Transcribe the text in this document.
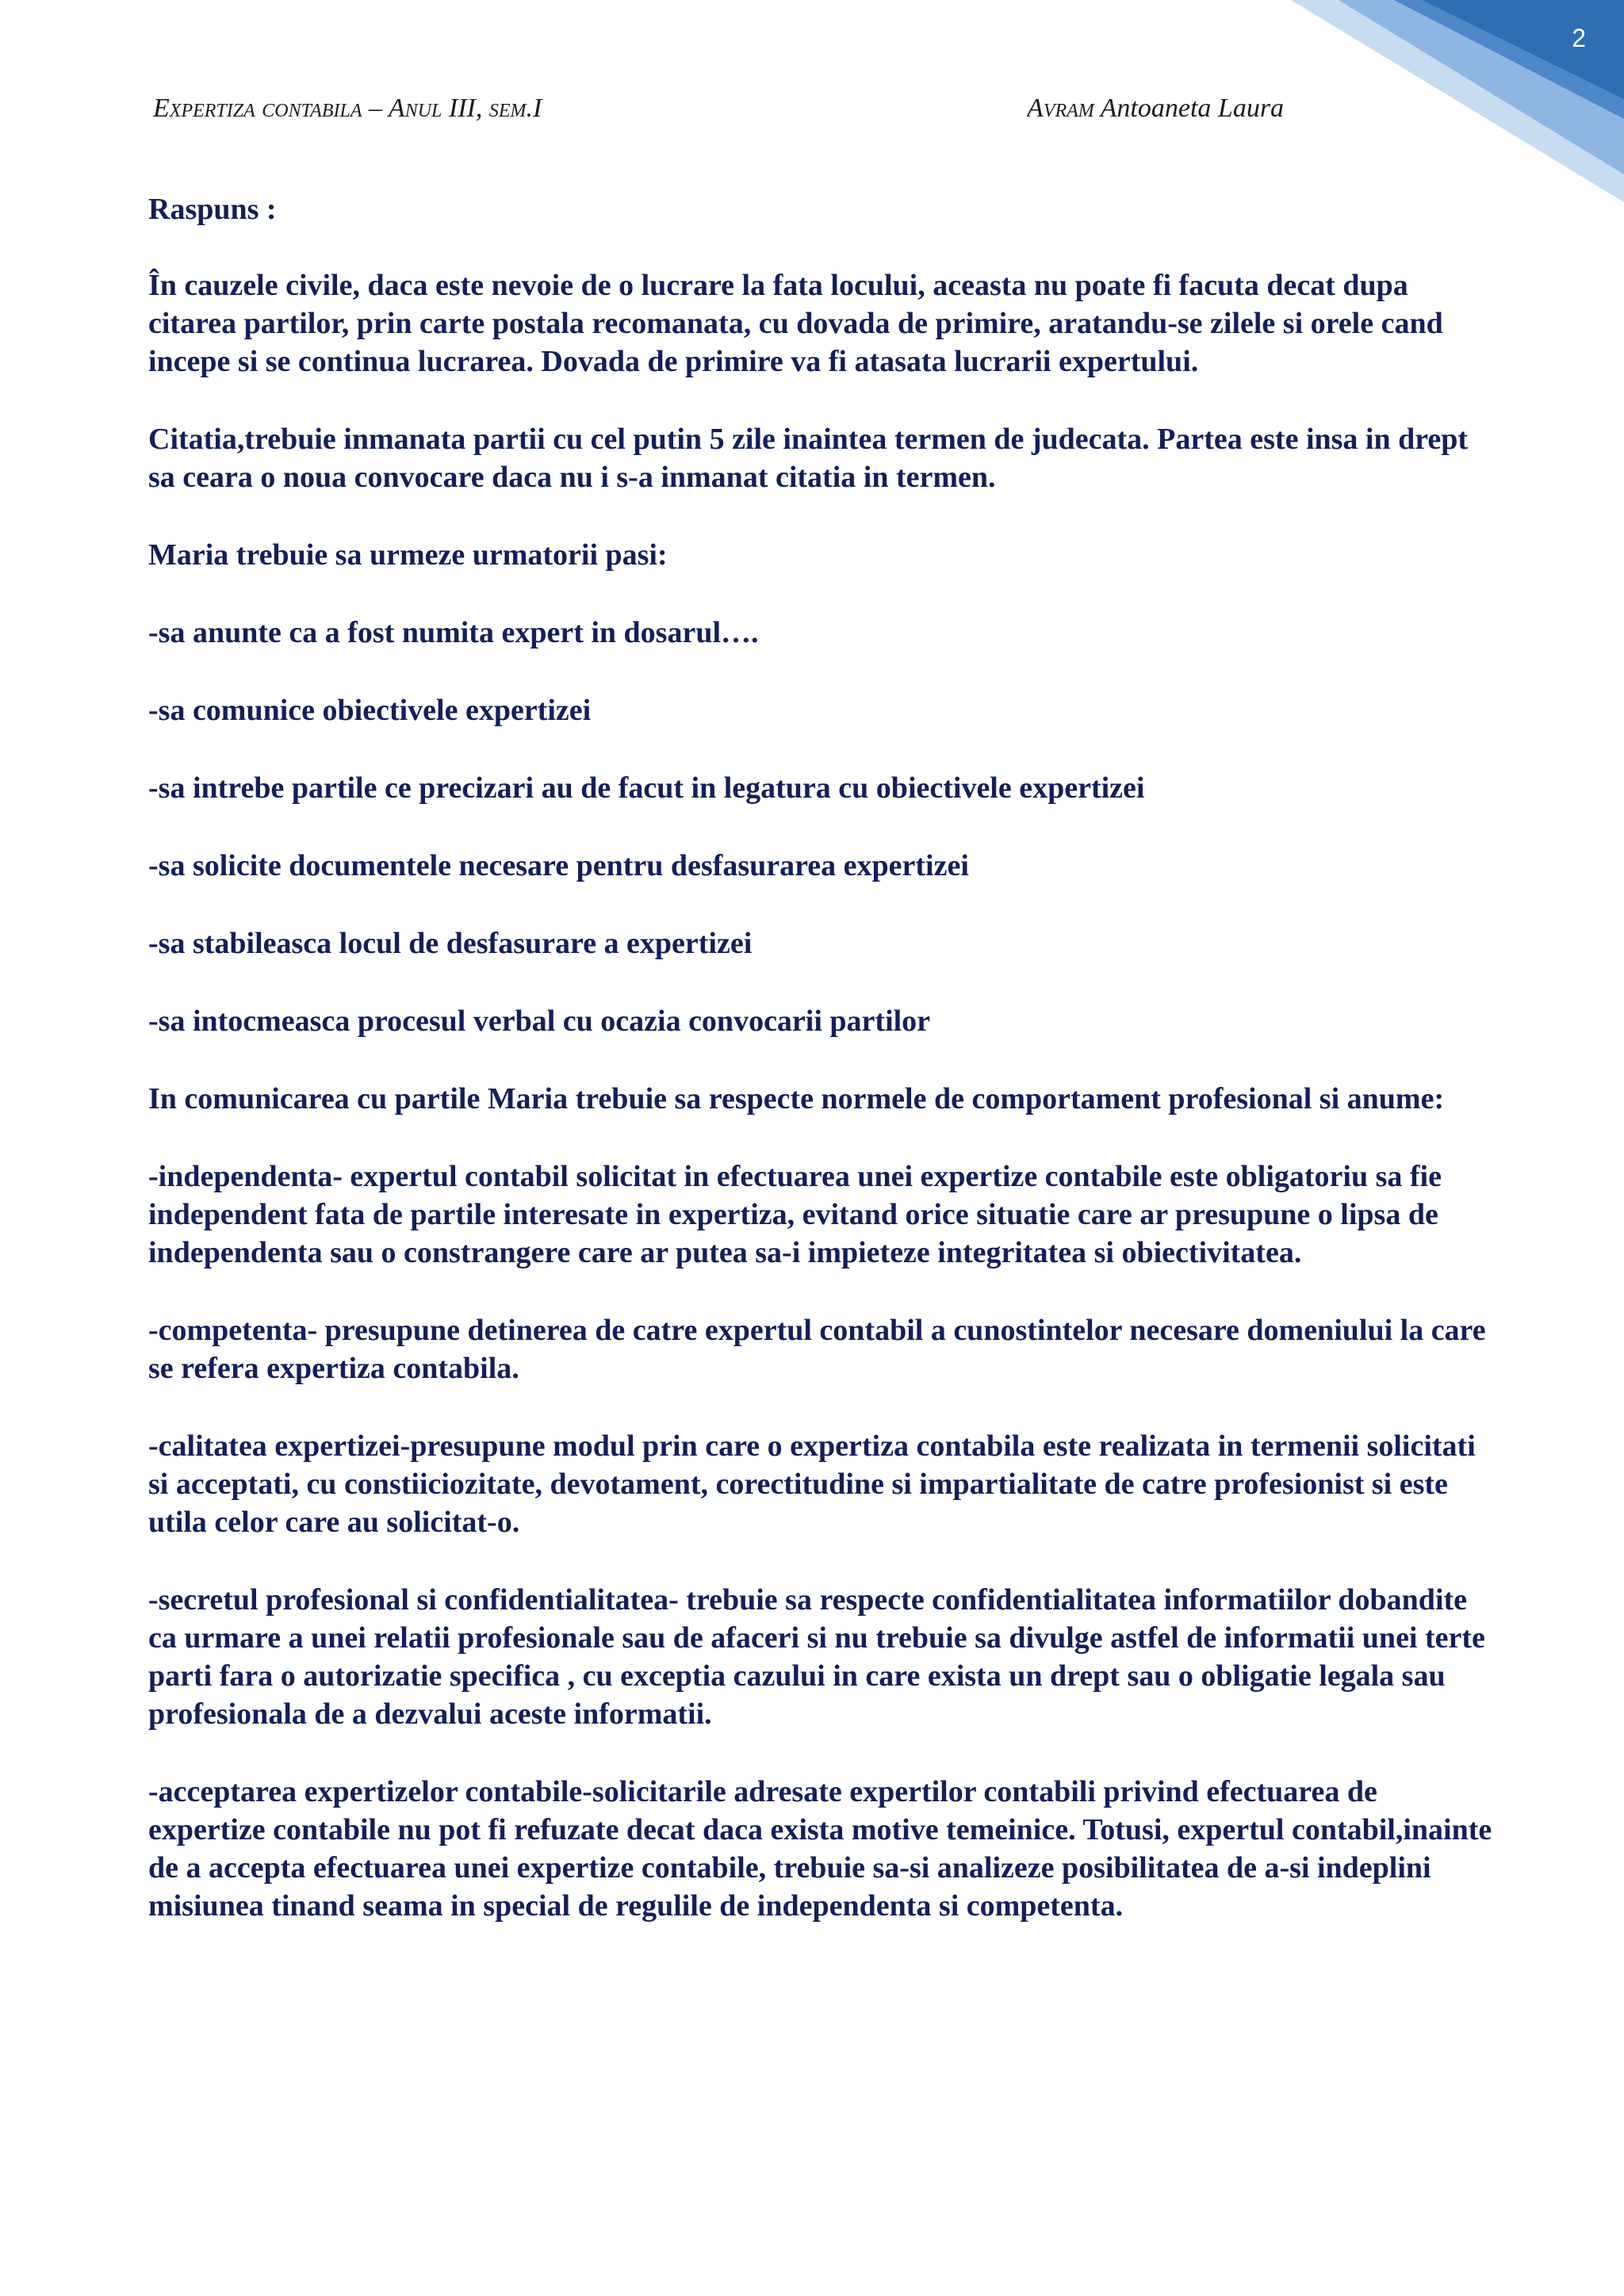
2
Expertiza contabila – Anul III, sem.I	Avram Antoaneta Laura

Raspuns :

În cauzele civile, daca este nevoie de o lucrare la fata locului, aceasta nu poate fi facuta decat dupa citarea partilor, prin carte postala recomanata, cu dovada de primire, aratandu-se zilele si orele cand incepe si se continua lucrarea. Dovada de primire va fi atasata lucrarii expertului.

Citatia,trebuie inmanata partii cu cel putin 5 zile inaintea termen de judecata. Partea este insa in drept sa ceara o noua convocare daca nu i s-a inmanat citatia in termen.

Maria trebuie sa urmeze urmatorii pasi:

-sa anunte ca a fost numita expert in dosarul….

-sa comunice obiectivele expertizei

-sa intrebe partile ce precizari au de facut in legatura cu obiectivele expertizei

-sa solicite documentele necesare pentru desfasurarea expertizei

-sa stabileasca locul de desfasurare a expertizei

-sa intocmeasca procesul verbal cu ocazia convocarii partilor

In comunicarea cu partile Maria trebuie sa respecte normele de comportament profesional si anume:

-independenta- expertul contabil solicitat in efectuarea unei expertize contabile este obligatoriu sa fie independent fata de partile interesate in expertiza, evitand orice situatie care ar presupune o lipsa de independenta sau o constrangere care ar putea sa-i impieteze integritatea si obiectivitatea.

-competenta- presupune detinerea de catre expertul contabil a cunostintelor necesare domeniului la care se refera expertiza contabila.

-calitatea expertizei-presupune modul prin care o expertiza contabila este realizata in termenii solicitati si acceptati, cu constiiciozitate, devotament, corectitudine si impartialitate de catre profesionist si este utila celor care au solicitat-o.

-secretul profesional si confidentialitatea- trebuie sa respecte confidentialitatea informatiilor dobandite ca urmare a unei relatii profesionale sau de afaceri si nu trebuie sa divulge astfel de informatii unei terte parti fara o autorizatie specifica , cu exceptia cazului in care exista un drept sau o obligatie legala sau profesionala de a dezvalui aceste informatii.

-acceptarea expertizelor contabile-solicitarile adresate expertilor contabili privind efectuarea de expertize contabile nu pot fi refuzate decat daca exista motive temeinice. Totusi, expertul contabil,inainte de a accepta efectuarea unei expertize contabile, trebuie sa-si analizeze posibilitatea de a-si indeplini misiunea tinand seama in special de regulile de independenta si competenta.
